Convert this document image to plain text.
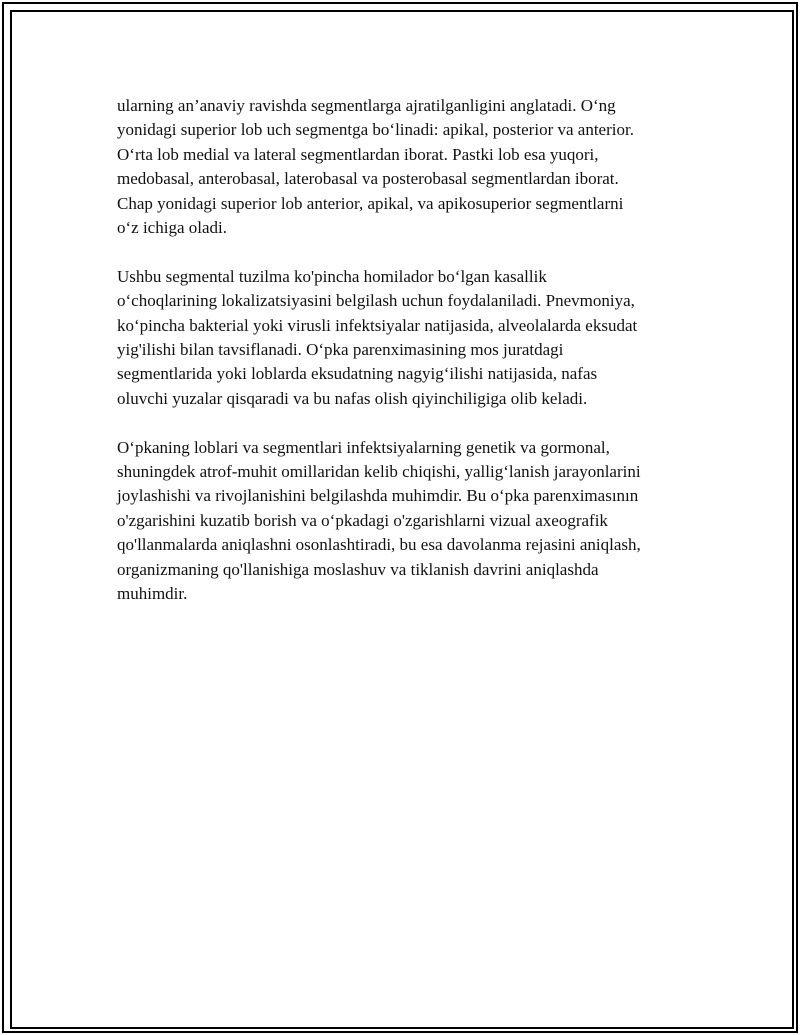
ularning an’anaviy ravishda segmentlarga ajratilganligini anglatadi. O‘ng
yonidagi superior lob uch segmentga bo‘linadi: apikal, posterior va anterior.
O‘rta lob medial va lateral segmentlardan iborat. Pastki lob esa yuqori,
medobasal, anterobasal, laterobasal va posterobasal segmentlardan iborat.
Chap yonidagi superior lob anterior, apikal, va apikosuperior segmentlarni
o‘z ichiga oladi.

Ushbu segmental tuzilma ko'pincha homilador bo‘lgan kasallik
o‘choqlarining lokalizatsiyasini belgilash uchun foydalaniladi. Pnevmoniya,
ko‘pincha bakterial yoki virusli infektsiyalar natijasida, alveolalarda eksudat
yig'ilishi bilan tavsiflanadi. O‘pka parenximasining mos juratdagi
segmentlarida yoki loblarda eksudatning nagyig‘ilishi natijasida, nafas
oluvchi yuzalar qisqaradi va bu nafas olish qiyinchiligiga olib keladi.

O‘pkaning loblari va segmentlari infektsiyalarning genetik va gormonal,
shuningdek atrof-muhit omillaridan kelib chiqishi, yallig‘lanish jarayonlarini
joylashishi va rivojlanishini belgilashda muhimdir. Bu o‘pka parenximasının
o'zgarishini kuzatib borish va o‘pkadagi o'zgarishlarni vizual axeografik
qo'llanmalarda aniqlashni osonlashtiradi, bu esa davolanma rejasini aniqlash,
organizmaning qo'llanishiga moslashuv va tiklanish davrini aniqlashda
muhimdir.
